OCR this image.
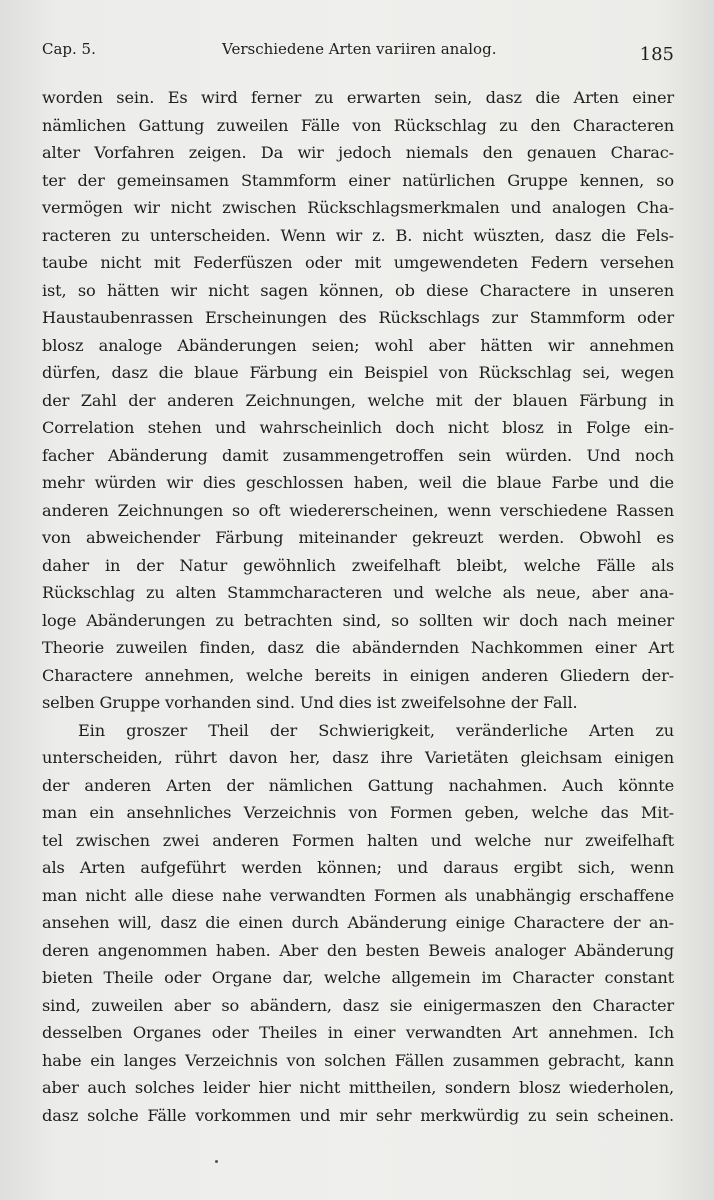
Cap. 5.	Verschiedene Arten variiren analog.	185
worden sein. Es wird ferner zu erwarten sein, dasz die Arten einer
nämlichen Gattung zuweilen Fälle von Rückschlag zu den Characteren
alter Vorfahren zeigen. Da wir jedoch niemals den genauen Charac-
ter der gemeinsamen Stammform einer natürlichen Gruppe kennen, so
vermögen wir nicht zwischen Rückschlagsmerkmalen und analogen Cha-
racteren zu unterscheiden. Wenn wir z. B. nicht wüszten, dasz die Fels-
taube nicht mit Federfüszen oder mit umgewendeten Federn versehen
ist, so hätten wir nicht sagen können, ob diese Charactere in unseren
Haustaubenrassen Erscheinungen des Rückschlags zur Stammform oder
blosz analoge Abänderungen seien; wohl aber hätten wir annehmen
dürfen, dasz die blaue Färbung ein Beispiel von Rückschlag sei, wegen
der Zahl der anderen Zeichnungen, welche mit der blauen Färbung in
Correlation stehen und wahrscheinlich doch nicht blosz in Folge ein-
facher Abänderung damit zusammengetroffen sein würden. Und noch
mehr würden wir dies geschlossen haben, weil die blaue Farbe und die
anderen Zeichnungen so oft wiedererscheinen, wenn verschiedene Rassen
von abweichender Färbung miteinander gekreuzt werden. Obwohl es
daher in der Natur gewöhnlich zweifelhaft bleibt, welche Fälle als
Rückschlag zu alten Stammcharacteren und welche als neue, aber ana-
loge Abänderungen zu betrachten sind, so sollten wir doch nach meiner
Theorie zuweilen finden, dasz die abändernden Nachkommen einer Art
Charactere annehmen, welche bereits in einigen anderen Gliedern der-
selben Gruppe vorhanden sind. Und dies ist zweifelsohne der Fall.
Ein groszer Theil der Schwierigkeit, veränderliche Arten zu
unterscheiden, rührt davon her, dasz ihre Varietäten gleichsam einigen
der anderen Arten der nämlichen Gattung nachahmen. Auch könnte
man ein ansehnliches Verzeichnis von Formen geben, welche das Mit-
tel zwischen zwei anderen Formen halten und welche nur zweifelhaft
als Arten aufgeführt werden können; und daraus ergibt sich, wenn
man nicht alle diese nahe verwandten Formen als unabhängig erschaffene
ansehen will, dasz die einen durch Abänderung einige Charactere der an-
deren angenommen haben. Aber den besten Beweis analoger Abänderung
bieten Theile oder Organe dar, welche allgemein im Character constant
sind, zuweilen aber so abändern, dasz sie einigermaszen den Character
desselben Organes oder Theiles in einer verwandten Art annehmen. Ich
habe ein langes Verzeichnis von solchen Fällen zusammen gebracht, kann
aber auch solches leider hier nicht mittheilen, sondern blosz wiederholen,
dasz solche Fälle vorkommen und mir sehr merkwürdig zu sein scheinen.
